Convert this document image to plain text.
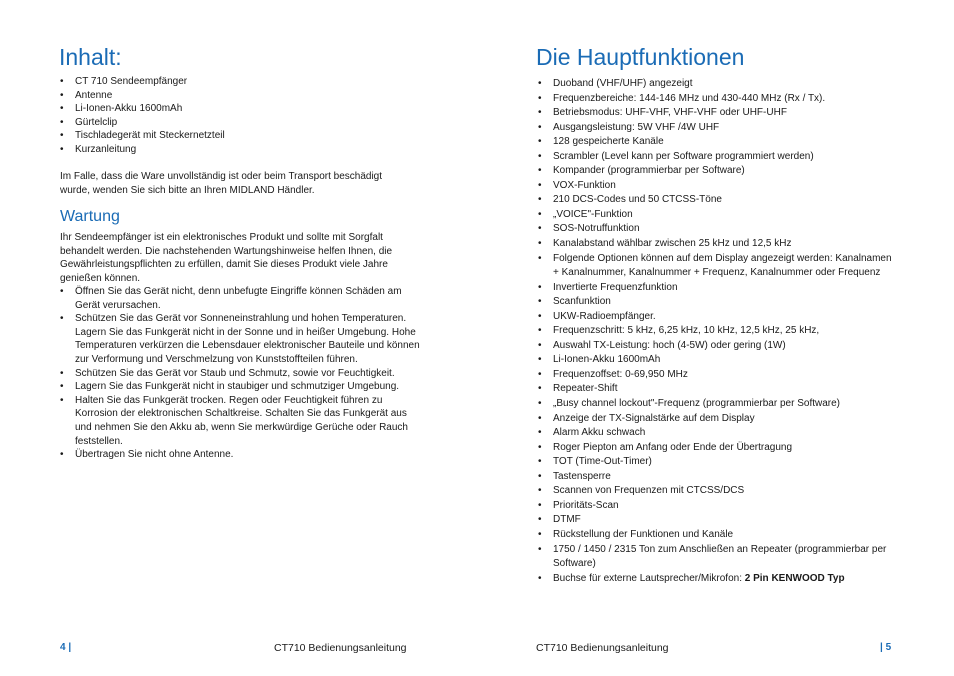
Inhalt:
• CT 710 Sendeempfänger
• Antenne
• Li-Ionen-Akku 1600mAh
• Gürtelclip
• Tischladegerät mit Steckernetzteil
• Kurzanleitung

Im Falle, dass die Ware unvollständig ist oder beim Transport beschädigt wurde, wenden Sie sich bitte an Ihren MIDLAND Händler.

Wartung

Ihr Sendeempfänger ist ein elektronisches Produkt und sollte mit Sorgfalt behandelt werden. Die nachstehenden Wartungshinweise helfen Ihnen, die Gewährleistungspflichten zu erfüllen, damit Sie dieses Produkt viele Jahre genießen können.

• Öffnen Sie das Gerät nicht, denn unbefugte Eingriffe können Schäden am Gerät verursachen.
• Schützen Sie das Gerät vor Sonneneinstrahlung und hohen Temperaturen. Lagern Sie das Funkgerät nicht in der Sonne und in heißer Umgebung. Hohe Temperaturen verkürzen die Lebensdauer elektronischer Bauteile und können zur Verformung und Verschmelzung von Kunststoffteilen führen.
• Schützen Sie das Gerät vor Staub und Schmutz, sowie vor Feuchtigkeit.
• Lagern Sie das Funkgerät nicht in staubiger und schmutziger Umgebung.
• Halten Sie das Funkgerät trocken. Regen oder Feuchtigkeit führen zu Korrosion der elektronischen Schaltkreise. Schalten Sie das Funkgerät aus und nehmen Sie den Akku ab, wenn Sie merkwürdige Gerüche oder Rauch feststellen.
• Übertragen Sie nicht ohne Antenne.
4 |	CT710 Bedienungsanleitung
Die Hauptfunktionen
• Duoband (VHF/UHF) angezeigt
• Frequenzbereiche: 144-146 MHz und 430-440 MHz (Rx / Tx).
• Betriebsmodus: UHF-VHF, VHF-VHF oder UHF-UHF
• Ausgangsleistung: 5W VHF /4W UHF
• 128 gespeicherte Kanäle
• Scrambler (Level kann per Software programmiert werden)
• Kompander (programmierbar per Software)
• VOX-Funktion
• 210 DCS-Codes und 50 CTCSS-Töne
• „VOICE"-Funktion
• SOS-Notruffunktion
• Kanalabstand wählbar zwischen 25 kHz und 12,5 kHz
• Folgende Optionen können auf dem Display angezeigt werden: Kanalnamen + Kanalnummer, Kanalnummer + Frequenz, Kanalnummer oder Frequenz
• Invertierte Frequenzfunktion
• Scanfunktion
• UKW-Radioempfänger.
• Frequenzschritt: 5 kHz, 6,25 kHz, 10 kHz, 12,5 kHz, 25 kHz,
• Auswahl TX-Leistung: hoch (4-5W) oder gering (1W)
• Li-Ionen-Akku 1600mAh
• Frequenzoffset: 0-69,950 MHz
• Repeater-Shift
• „Busy channel lockout"-Frequenz (programmierbar per Software)
• Anzeige der TX-Signalstärke auf dem Display
• Alarm Akku schwach
• Roger Piepton am Anfang oder Ende der Übertragung
• TOT (Time-Out-Timer)
• Tastensperre
• Scannen von Frequenzen mit CTCSS/DCS
• Prioritäts-Scan
• DTMF
• Rückstellung der Funktionen und Kanäle
• 1750 / 1450 / 2315 Ton zum Anschließen an Repeater (programmierbar per Software)
• Buchse für externe Lautsprecher/Mikrofon: 2 Pin KENWOOD Typ
CT710 Bedienungsanleitung	| 5
